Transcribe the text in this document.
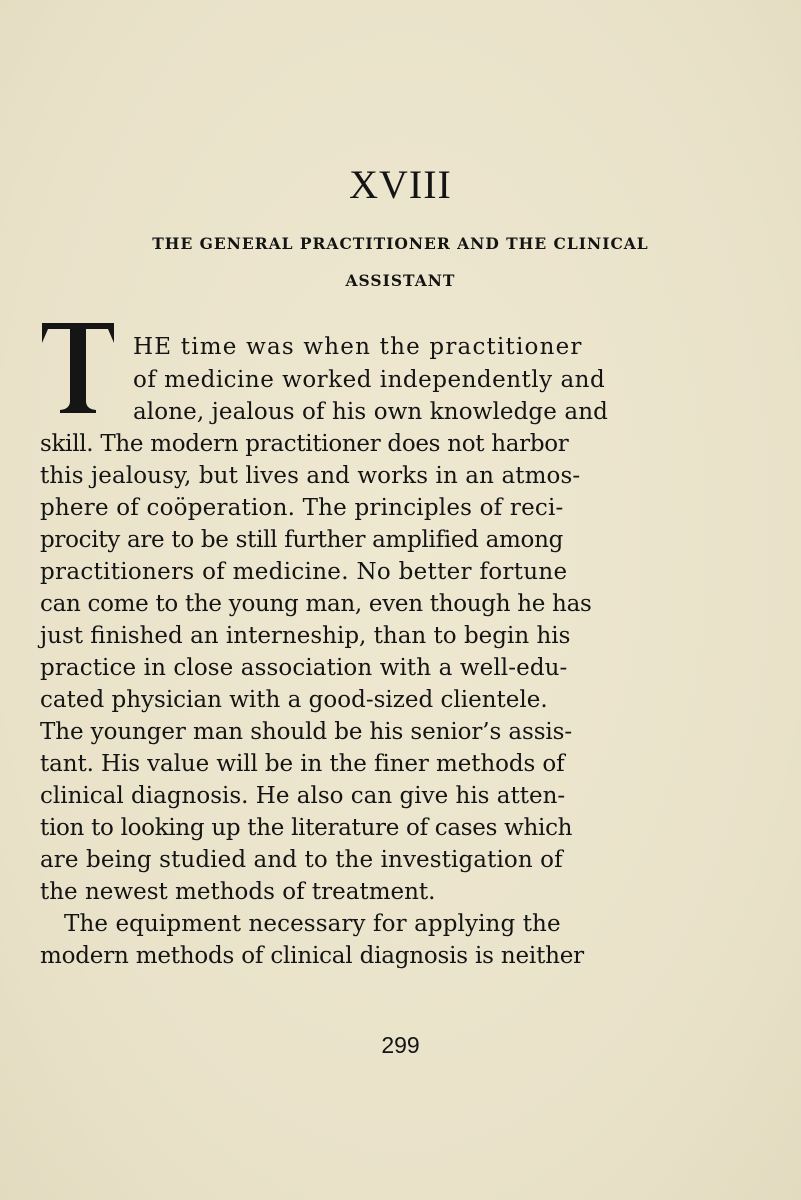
XVIII
THE GENERAL PRACTITIONER AND THE CLINICAL
ASSISTANT
HE time was when the practitioner
of medicine worked independently and
alone, jealous of his own knowledge and
skill. The modern practitioner does not harbor
this jealousy, but lives and works in an atmos-
phere of coöperation. The principles of reci-
procity are to be still further amplified among
practitioners of medicine. No better fortune
can come to the young man, even though he has
just finished an interneship, than to begin his
practice in close association with a well-edu-
cated physician with a good-sized clientele.
The younger man should be his senior’s assis-
tant. His value will be in the finer methods of
clinical diagnosis. He also can give his atten-
tion to looking up the literature of cases which
are being studied and to the investigation of
the newest methods of treatment.
The equipment necessary for applying the
modern methods of clinical diagnosis is neither
299
